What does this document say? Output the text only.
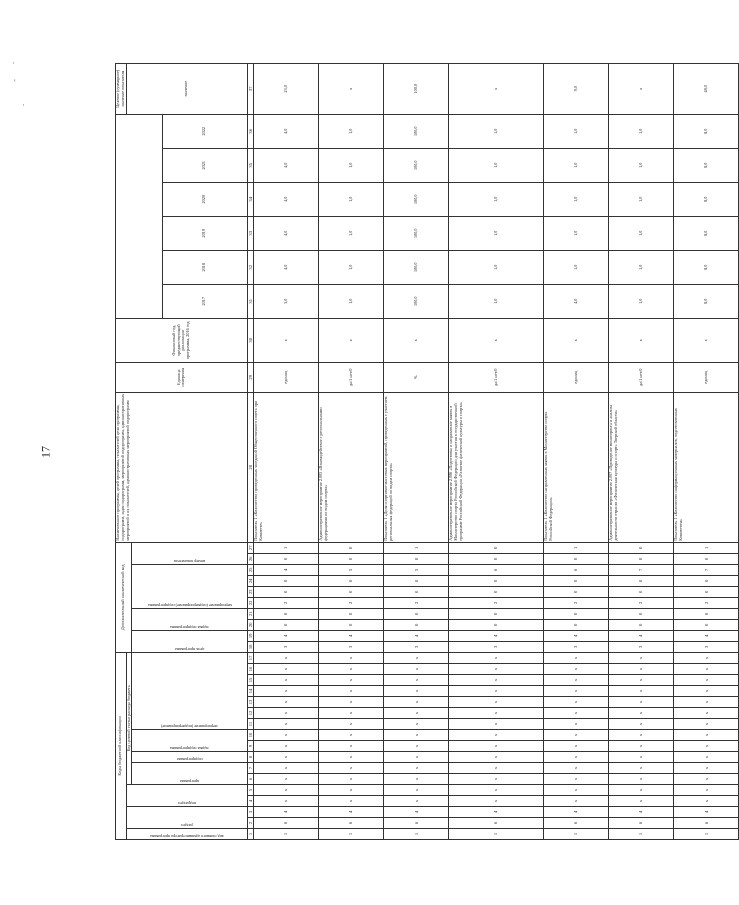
17
·
'
·
Коды бюджетной классификации																	Дополнительный аналитический код										Наименование программы, целей программы, показателей цели программы, подпрограмм, задач подпрограмм, мероприятий подпрограмм, административных мероприятий и их показателей, административных мероприятий подпрограмм	Единица измерения	Финансовый год, предшествующий реализации программы, 2016 год							Целевое (суммарное) значение показателя

код главного администратора программы	раздел		подраздел		Код целевой статьи расхода бюджета																															значение

					программа		подпрограмма	задача подпрограммы		мероприятие (подмероприятие)							цель программы		задача подпрограммы		мероприятие (подмероприятие) подпрограммы				номер показателя											

																														2017	2018	2019	2020	2021	2022	
1	2	3	4	5	6	7	8	9	10	11	12	13	14	15	16	17	18	19	20	21	22	23	24	25	26	27	28	29	30	31	32	33	34	35	36	37
1	6	4	x	x	x	x	x	x	x	x	x	x	x	x	x	x	3	4	0	0	2	0	0	4	0	1	Показатель 1 «Количество проведенных заседаний Общественного совета при Комитете»	единиц	x	3,0	4,0	4,0	4,0	4,0	4,0	23,0
1	6	4	x	x	x	x	x	x	x	x	x	x	x	x	x	x	3	4	0	0	2	0	0	5	0	0	Административное мероприятие 2.005 «Взаимодействие с региональными федерациями по видам спорта»	да/1 нет/0	x	1,0	1,0	1,0	1,0	1,0	1,0	x
1	6	4	x	x	x	x	x	x	x	x	x	x	x	x	x	x	3	4	0	0	2	0	0	5	0	1	Показатель 1 «Доля спортивно-массовых мероприятий, проведенных с участием региональных федераций по видам спорта»	%	x	100,0	100,0	100,0	100,0	100,0	100,0	100,0
1	6	4	x	x	x	x	x	x	x	x	x	x	x	x	x	x	3	4	0	0	2	0	0	6	0	0	Административное мероприятие 2.006 «Подготовка и направление заявок в Министерство спорта Российской Федерации для участия в государственной программе Российской Федерации «Развитие физической культуры и спорта»	да/1 нет/0	x	1,0	1,0	1,0	1,0	1,0	1,0	x
1	6	4	x	x	x	x	x	x	x	x	x	x	x	x	x	x	3	4	0	0	2	0	0	6	0	1	Показатель 1 «Количество направленных заявок в Министерство спорта Российской Федерации»	единиц	x	4,0	1,0	1,0	1,0	1,0	1,0	9,0
1	6	4	x	x	x	x	x	x	x	x	x	x	x	x	x	x	3	4	0	0	2	0	0	7	0	0	Административное мероприятие 2.007 «Проведение мониторинга и анализа деятельности отрасли «Физическая культура и спорт» Тверской области»	да/1 нет/0	x	1,0	1,0	1,0	1,0	1,0	1,0	x
1	6	4	x	x	x	x	x	x	x	x	x	x	x	x	x	x	3	4	0	0	2	0	0	7	0	1	Показатель 1 «Количество информационных материалов, подготовленных Комитетом»	единиц	x	8,0	8,0	8,0	8,0	8,0	8,0	48,0
